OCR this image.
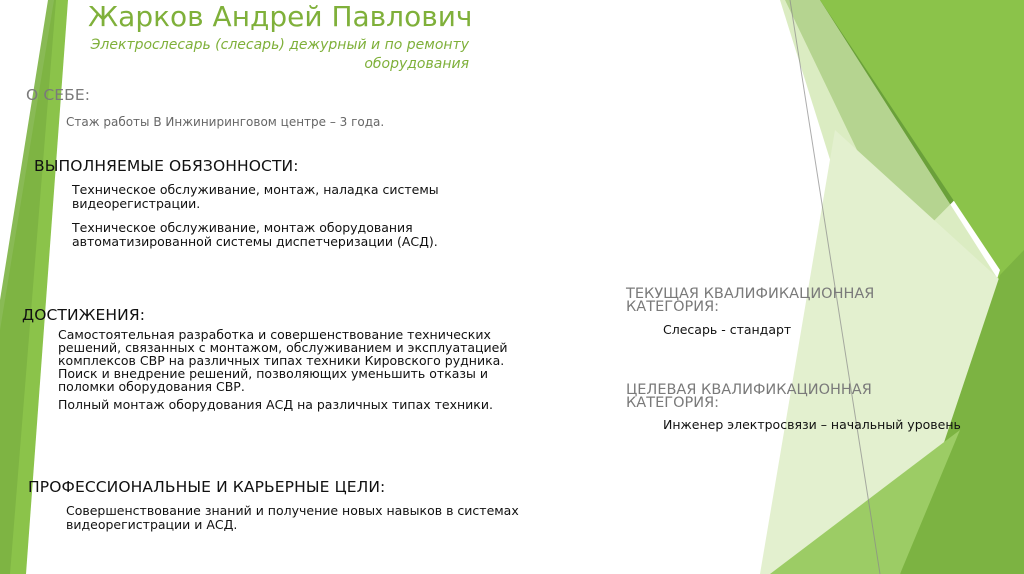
Жарков Андрей Павлович
Электрослесарь (слесарь) дежурный и по ремонту оборудования
О СЕБЕ:
Стаж работы В Инжиниринговом центре – 3 года.
ВЫПОЛНЯЕМЫЕ ОБЯЗОННОСТИ:
Техническое обслуживание, монтаж, наладка системы видеорегистрации.
Техническое обслуживание, монтаж оборудования автоматизированной системы диспетчеризации (АСД).
ДОСТИЖЕНИЯ:
Самостоятельная разработка и совершенствование технических решений, связанных с монтажом, обслуживанием и эксплуатацией комплексов СВР на различных типах техники Кировского рудника. Поиск и внедрение решений, позволяющих уменьшить отказы и поломки оборудования СВР.
Полный монтаж оборудования АСД на различных типах техники.
ПРОФЕССИОНАЛЬНЫЕ И КАРЬЕРНЫЕ ЦЕЛИ:
Совершенствование знаний и получение новых навыков в системах видеорегистрации и АСД.
ТЕКУЩАЯ КВАЛИФИКАЦИОННАЯ КАТЕГОРИЯ:
Слесарь - стандарт
ЦЕЛЕВАЯ КВАЛИФИКАЦИОННАЯ КАТЕГОРИЯ:
Инженер электросвязи – начальный уровень
